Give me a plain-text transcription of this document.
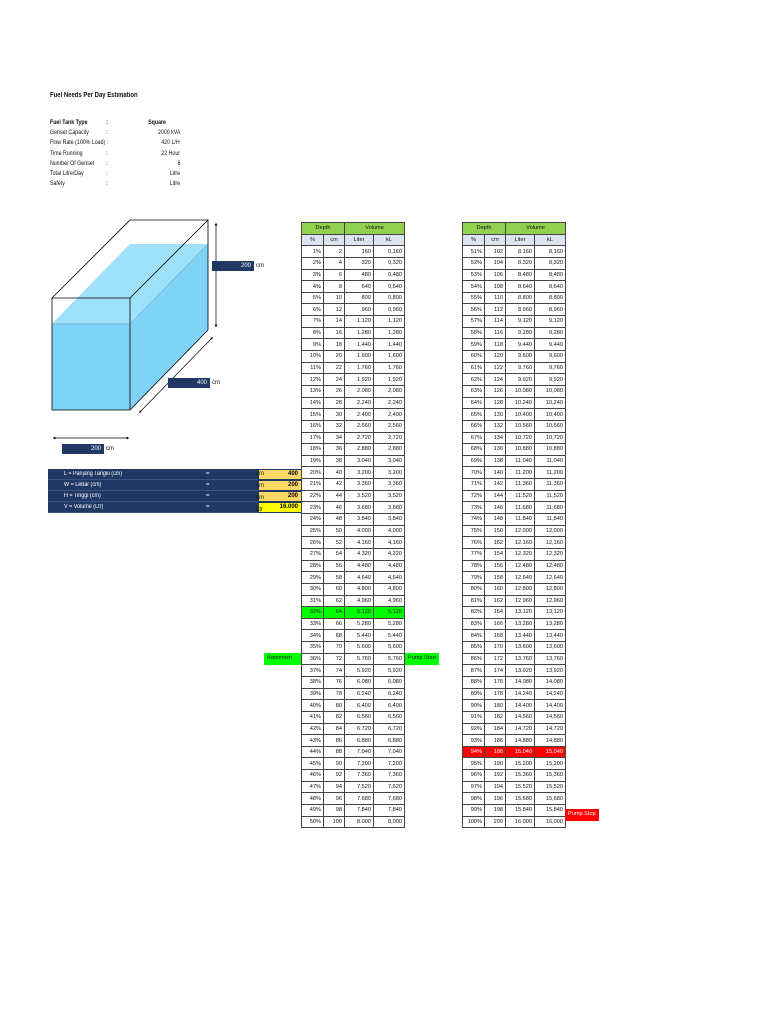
Fuel Needs Per Day Estimation
Fuel Tank Type	:	Square
Genset Capacity	:	2000 kVA
Flow Rate (100% Load) :	420 L/H
Time Running	:	22 Hour
Number Of Genset :	6
Total Litre/Day	:	Litre
Safety	:	Litre
200 cm
400 cm
200 cm
L = Panjang Tangki (cm)	=	400
W = Lebar (cm)	=	200
H = Tinggi (cm)	=	200
V = Volume (Ltr)	=	16.000
cm
cm
cm
Ltr
Depth		Volume	
%	cm	Liter	kL
1%	2	160	0,160
2%	4	320	0,320
3%	6	480	0,480
4%	8	640	0,640
5%	10	800	0,800
6%	12	960	0,960
7%	14	1.120	1,120
8%	16	1.280	1,280
9%	18	1.440	1,440
10%	20	1.600	1,600
11%	22	1.760	1,760
12%	24	1.920	1,920
13%	26	2.080	2,080
14%	28	2.240	2,240
15%	30	2.400	2,400
16%	32	2.560	2,560
17%	34	2.720	2,720
18%	36	2.880	2,880
19%	38	3.040	3,040
20%	40	3.200	3,200
21%	42	3.360	3,360
22%	44	3.520	3,520
23%	46	3.680	3,680
24%	48	3.840	3,840
25%	50	4.000	4,000
26%	52	4.160	4,160
27%	54	4.320	4,320
28%	56	4.480	4,480
29%	58	4.640	4,640
30%	60	4.800	4,800
31%	62	4.960	4,960
32%	64	5.120	5,120
33%	66	5.280	5,280
34%	68	5.440	5,440
35%	70	5.600	5,600
36%	72	5.760	5,760
37%	74	5.920	5,920
38%	76	6.080	6,080
39%	78	6.240	6,240
40%	80	6.400	6,400
41%	82	6.560	6,560
42%	84	6.720	6,720
43%	86	6.880	6,880
44%	88	7.040	7,040
45%	90	7.200	7,200
46%	92	7.360	7,360
47%	94	7.520	7,520
48%	96	7.680	7,680
49%	98	7.840	7,840
50%	100	8.000	8,000
Depth		Volume	
%	cm	Liter	kL
51%	102	8.160	8,160
52%	104	8.320	8,320
53%	106	8.480	8,480
54%	108	8.640	8,640
55%	110	8.800	8,800
56%	112	8.960	8,960
57%	114	9.120	9,120
58%	116	9.280	9,280
59%	118	9.440	9,440
60%	120	9.600	9,600
61%	122	9.760	9,760
62%	124	9.920	9,920
63%	126	10.080	10,080
64%	128	10.240	10,240
65%	130	10.400	10,400
66%	132	10.560	10,560
67%	134	10.720	10,720
68%	136	10.880	10,880
69%	138	11.040	11,040
70%	140	11.200	11,200
71%	142	11.360	11,360
72%	144	11.520	11,520
73%	146	11.680	11,680
74%	148	11.840	11,840
75%	150	12.000	12,000
76%	152	12.160	12,160
77%	154	12.320	12,320
78%	156	12.480	12,480
79%	158	12.640	12,640
80%	160	12.800	12,800
81%	162	12.960	12,960
82%	164	13.120	13,120
83%	166	13.280	13,280
84%	168	13.440	13,440
85%	170	13.600	13,600
86%	172	13.760	13,760
87%	174	13.920	13,920
88%	176	14.080	14,080
89%	178	14.240	14,240
90%	180	14.400	14,400
91%	182	14.560	14,560
92%	184	14.720	14,720
93%	186	14.880	14,880
94%	188	15.040	15,040
95%	190	15.200	15,200
96%	192	15.360	15,360
97%	194	15.520	15,520
98%	196	15.680	15,680
99%	198	15.840	15,840
100%	200	16.000	16,000
Replenish	Pump Start
Pump Stop
